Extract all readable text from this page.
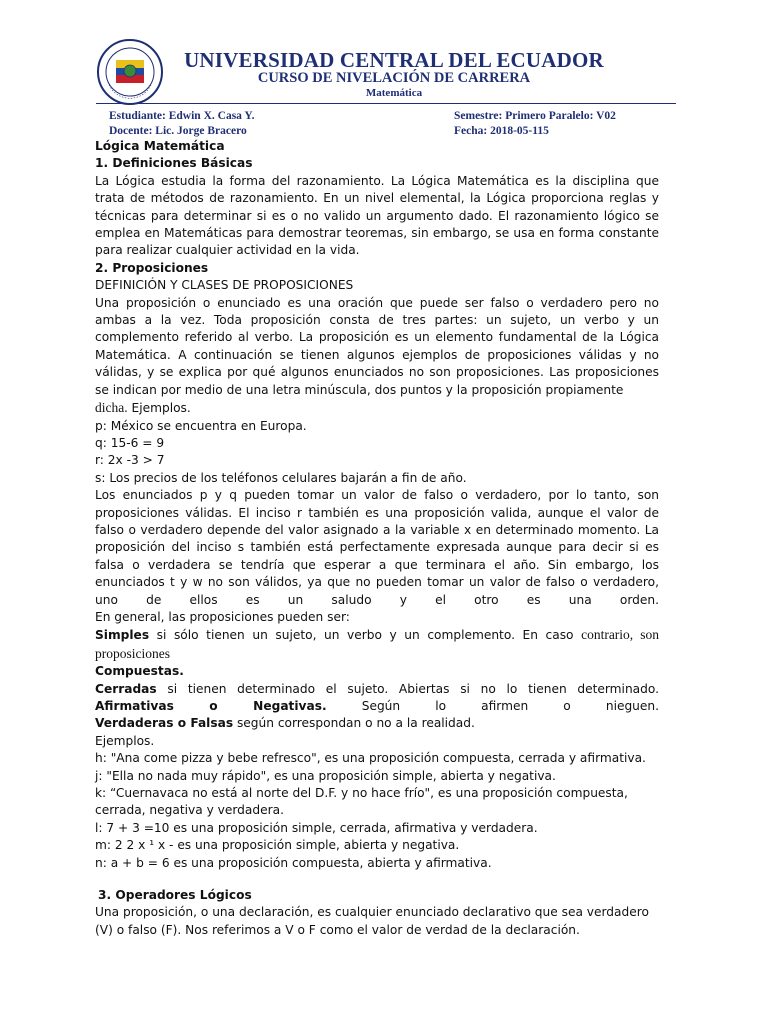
UNIVERSIDAD CENTRAL DEL ECUADOR
CURSO DE NIVELACIÓN DE CARRERA
Matemática
Estudiante: Edwin X. Casa Y.
Docente: Lic. Jorge Bracero
Semestre: Primero Paralelo: V02
Fecha: 2018-05-115

Lógica Matemática

1. Definiciones Básicas

La Lógica estudia la forma del razonamiento. La Lógica Matemática es la disciplina que trata de métodos de razonamiento. En un nivel elemental, la Lógica proporciona reglas y técnicas para determinar si es o no valido un argumento dado. El razonamiento lógico se emplea en Matemáticas para demostrar teoremas, sin embargo, se usa en forma constante para realizar cualquier actividad en la vida.

2. Proposiciones

DEFINICIÓN Y CLASES DE PROPOSICIONES

Una proposición o enunciado es una oración que puede ser falso o verdadero pero no ambas a la vez. Toda proposición consta de tres partes: un sujeto, un verbo y un complemento referido al verbo. La proposición es un elemento fundamental de la Lógica Matemática. A continuación se tienen algunos ejemplos de proposiciones válidas y no válidas, y se explica por qué algunos enunciados no son proposiciones. Las proposiciones se indican por medio de una letra minúscula, dos puntos y la proposición propiamente

dicha. Ejemplos.

p: México se encuentra en Europa.

q: 15-6 = 9

r: 2x -3 > 7

s: Los precios de los teléfonos celulares bajarán a fin de año.

Los enunciados p y q pueden tomar un valor de falso o verdadero, por lo tanto, son proposiciones válidas. El inciso r también es una proposición valida, aunque el valor de falso o verdadero depende del valor asignado a la variable x en determinado momento. La proposición del inciso s también está perfectamente expresada aunque para decir si es falsa o verdadera se tendría que esperar a que terminara el año. Sin embargo, los enunciados t y w no son válidos, ya que no pueden tomar un valor de falso o verdadero, uno de ellos es un saludo y el otro es una orden.

En general, las proposiciones pueden ser:

Simples si sólo tienen un sujeto, un verbo y un complemento. En caso contrario, son proposiciones

Compuestas.

Cerradas si tienen determinado el sujeto. Abiertas si no lo tienen determinado. Afirmativas o Negativas. Según lo afirmen o nieguen.

Verdaderas o Falsas según correspondan o no a la realidad.

Ejemplos.

h: "Ana come pizza y bebe refresco", es una proposición compuesta, cerrada y afirmativa.

j: "Ella no nada muy rápido", es una proposición simple, abierta y negativa.

k: “Cuernavaca no está al norte del D.F. y no hace frío", es una proposición compuesta, cerrada, negativa y verdadera.

l: 7 + 3 =10 es una proposición simple, cerrada, afirmativa y verdadera.

m: 2 2 x ¹ x - es una proposición simple, abierta y negativa.

n: a + b = 6 es una proposición compuesta, abierta y afirmativa.

3. Operadores Lógicos

Una proposición, o una declaración, es cualquier enunciado declarativo que sea verdadero (V) o falso (F). Nos referimos a V o F como el valor de verdad de la declaración.
